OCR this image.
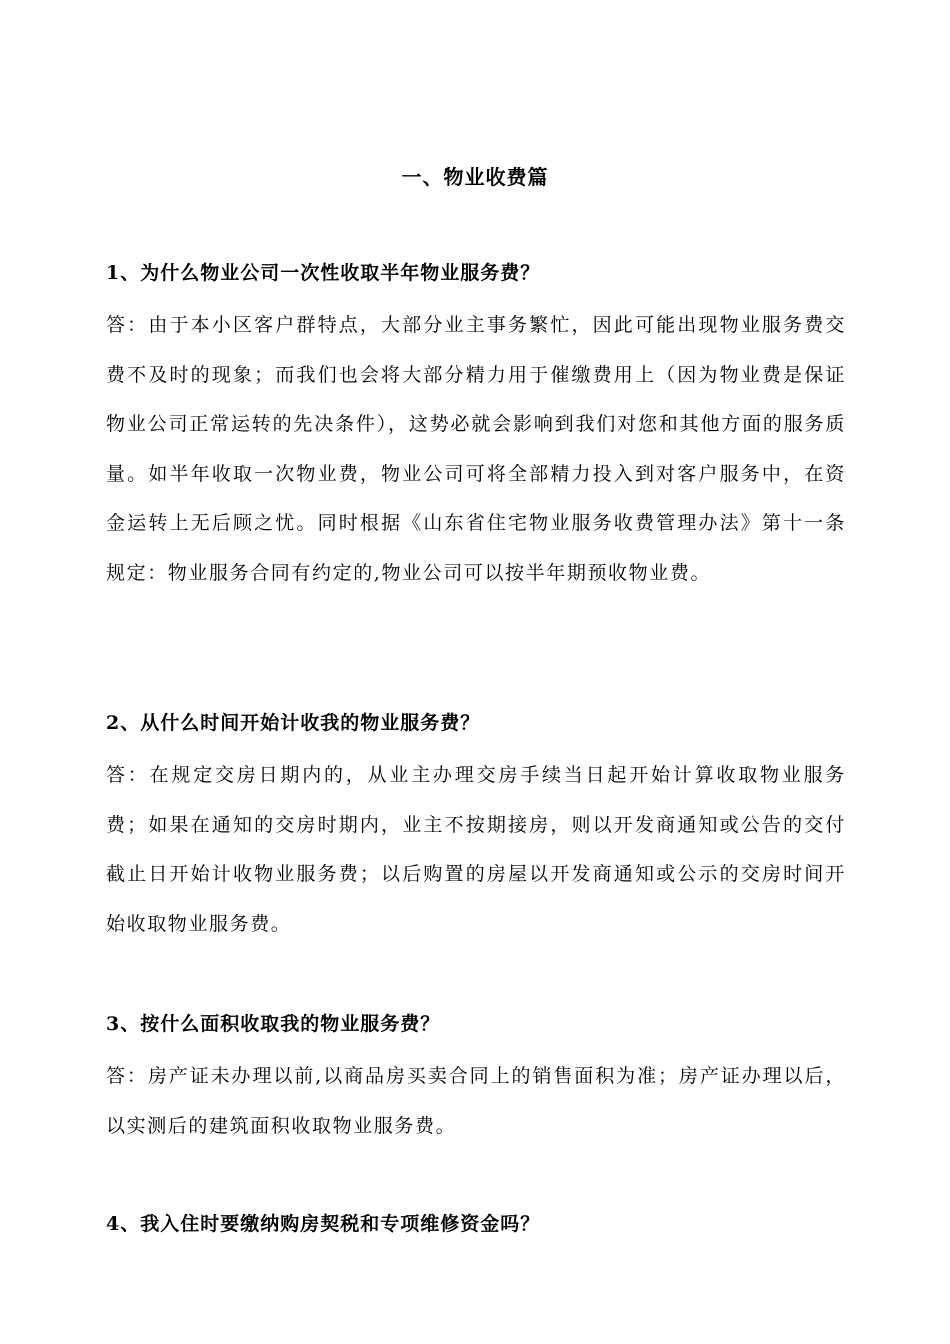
一、物业收费篇

1、为什么物业公司一次性收取半年物业服务费？

答：由于本小区客户群特点，大部分业主事务繁忙，因此可能出现物业服务费交费不及时的现象；而我们也会将大部分精力用于催缴费用上（因为物业费是保证物业公司正常运转的先决条件），这势必就会影响到我们对您和其他方面的服务质量。如半年收取一次物业费，物业公司可将全部精力投入到对客户服务中，在资金运转上无后顾之忧。同时根据《山东省住宅物业服务收费管理办法》第十一条规定：物业服务合同有约定的,物业公司可以按半年期预收物业费。

2、从什么时间开始计收我的物业服务费？

答：在规定交房日期内的，从业主办理交房手续当日起开始计算收取物业服务费；如果在通知的交房时期内，业主不按期接房，则以开发商通知或公告的交付截止日开始计收物业服务费；以后购置的房屋以开发商通知或公示的交房时间开始收取物业服务费。

3、按什么面积收取我的物业服务费？

答：房产证未办理以前,以商品房买卖合同上的销售面积为准；房产证办理以后，以实测后的建筑面积收取物业服务费。

4、我入住时要缴纳购房契税和专项维修资金吗？
